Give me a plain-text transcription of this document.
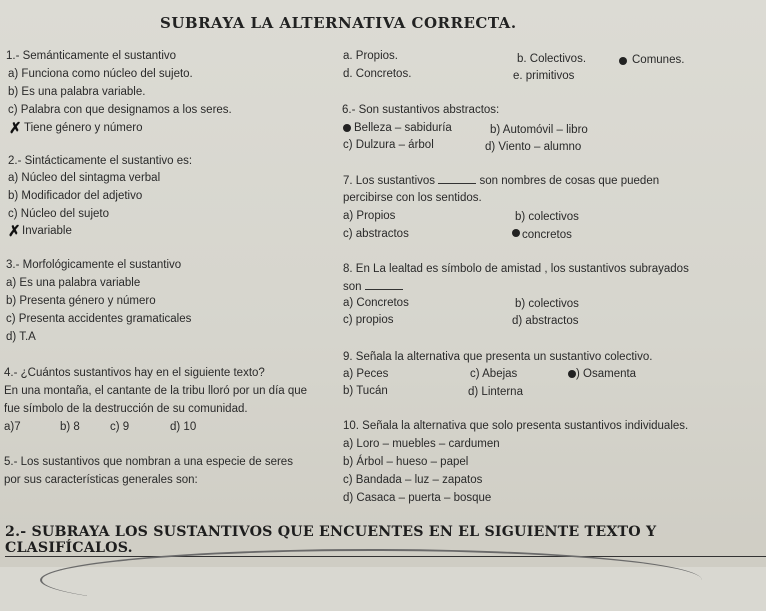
SUBRAYA LA ALTERNATIVA CORRECTA.
1.- Semánticamente el sustantivo
a) Funciona como núcleo del sujeto.
b) Es una palabra variable.
c) Palabra con que designamos a los seres.
✗ Tiene género y número
2.- Sintácticamente el sustantivo es:
a) Núcleo del sintagma verbal
b) Modificador del adjetivo
c) Núcleo del sujeto
✗ Invariable
3.- Morfológicamente el sustantivo
a) Es una palabra variable
b) Presenta género y número
c) Presenta accidentes gramaticales
d) T.A
4.- ¿Cuántos sustantivos hay en el siguiente texto?
En una montaña, el cantante de la tribu lloró por un día que
fue símbolo de la destrucción de su comunidad.
a)7	b) 8	c) 9	d) 10
5.- Los sustantivos que nombran a una especie de seres
por sus características generales son:
a. Propios.	b. Colectivos.	Comunes.
d. Concretos.	e. primitivos
6.- Son sustantivos abstractos:
Belleza – sabiduría	b) Automóvil – libro
c) Dulzura – árbol	d) Viento – alumno
7. Los sustantivos	son nombres de cosas que pueden
percibirse con los sentidos.
a) Propios	b) colectivos
c) abstractos	concretos
8. En La lealtad es símbolo de amistad , los sustantivos subrayados
son
a) Concretos	b) colectivos
c) propios	d) abstractos
9. Señala la alternativa que presenta un sustantivo colectivo.
a) Peces	c) Abejas	) Osamenta
b) Tucán	d) Linterna
10. Señala la alternativa que solo presenta sustantivos individuales.
a) Loro – muebles – cardumen
b) Árbol – hueso – papel
c) Bandada – luz – zapatos
d) Casaca – puerta – bosque
2.- SUBRAYA LOS SUSTANTIVOS QUE ENCUENTES EN EL SIGUIENTE TEXTO Y CLASIFÍCALOS.
